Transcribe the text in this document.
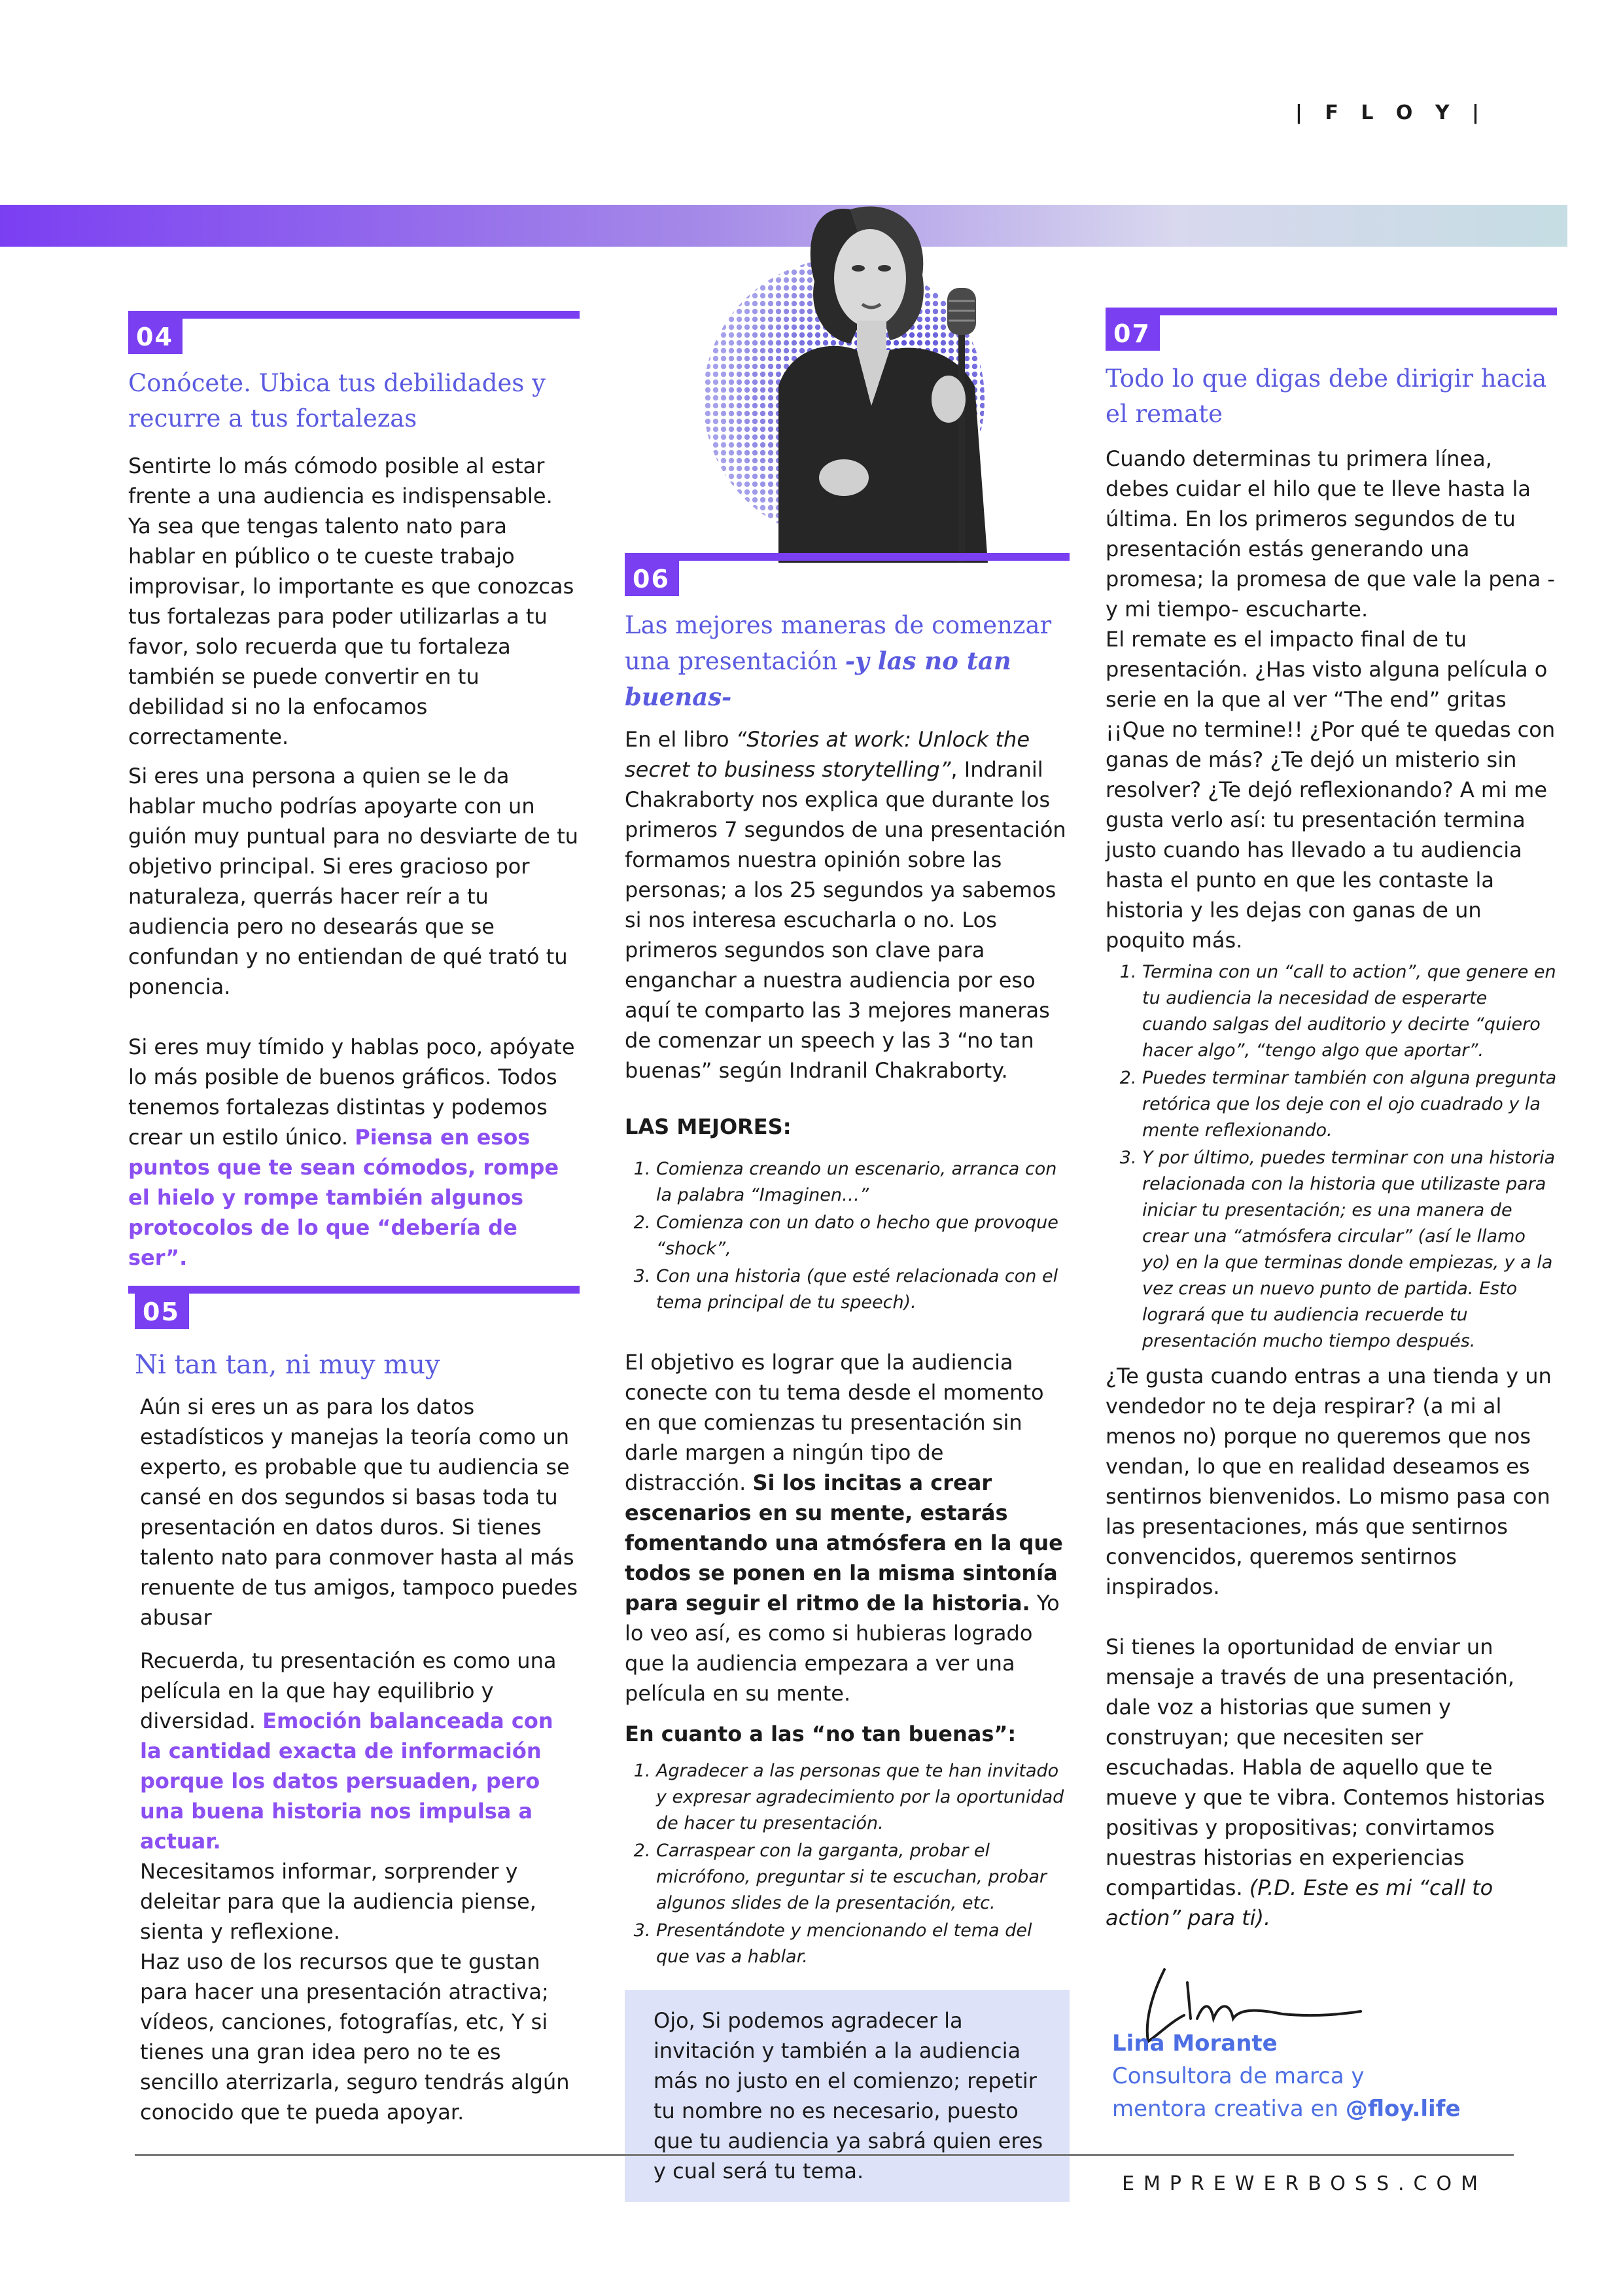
| F L O Y |
04
Conócete. Ubica tus debilidades y recurre a tus fortalezas

Sentirte lo más cómodo posible al estar frente a una audiencia es indispensable. Ya sea que tengas talento nato para hablar en público o te cueste trabajo improvisar, lo importante es que conozcas tus fortalezas para poder utilizarlas a tu favor, solo recuerda que tu fortaleza también se puede convertir en tu debilidad si no la enfocamos correctamente.

Si eres una persona a quien se le da hablar mucho podrías apoyarte con un guión muy puntual para no desviarte de tu objetivo principal. Si eres gracioso por naturaleza, querrás hacer reír a tu audiencia pero no desearás que se confundan y no entiendan de qué trató tu ponencia.

Si eres muy tímido y hablas poco, apóyate lo más posible de buenos gráficos. Todos tenemos fortalezas distintas y podemos crear un estilo único. Piensa en esos puntos que te sean cómodos, rompe el hielo y rompe también algunos protocolos de lo que “debería de ser”.

05
Ni tan tan, ni muy muy

Aún si eres un as para los datos estadísticos y manejas la teoría como un experto, es probable que tu audiencia se cansé en dos segundos si basas toda tu presentación en datos duros. Si tienes talento nato para conmover hasta al más renuente de tus amigos, tampoco puedes abusar

Recuerda, tu presentación es como una película en la que hay equilibrio y diversidad. Emoción balanceada con la cantidad exacta de información porque los datos persuaden, pero una buena historia nos impulsa a actuar.
Necesitamos informar, sorprender y deleitar para que la audiencia piense, sienta y reflexione.

Haz uso de los recursos que te gustan para hacer una presentación atractiva; vídeos, canciones, fotografías, etc, Y si tienes una gran idea pero no te es sencillo aterrizarla, seguro tendrás algún conocido que te pueda apoyar.

06
Las mejores maneras de comenzar una presentación -y las no tan buenas-

En el libro “Stories at work: Unlock the secret to business storytelling”, Indranil Chakraborty nos explica que durante los primeros 7 segundos de una presentación formamos nuestra opinión sobre las personas; a los 25 segundos ya sabemos si nos interesa escucharla o no. Los primeros segundos son clave para enganchar a nuestra audiencia por eso aquí te comparto las 3 mejores maneras de comenzar un speech y las 3 “no tan buenas” según Indranil Chakraborty.

LAS MEJORES:
1. Comienza creando un escenario, arranca con la palabra “Imaginen…”
2. Comienza con un dato o hecho que provoque “shock”,
3. Con una historia (que esté relacionada con el tema principal de tu speech).

El objetivo es lograr que la audiencia conecte con tu tema desde el momento en que comienzas tu presentación sin darle margen a ningún tipo de distracción. Si los incitas a crear escenarios en su mente, estarás fomentando una atmósfera en la que todos se ponen en la misma sintonía para seguir el ritmo de la historia. Yo lo veo así, es como si hubieras logrado que la audiencia empezara a ver una película en su mente.

En cuanto a las “no tan buenas”:
1. Agradecer a las personas que te han invitado y expresar agradecimiento por la oportunidad de hacer tu presentación.
2. Carraspear con la garganta, probar el micrófono, preguntar si te escuchan, probar algunos slides de la presentación, etc.
3. Presentándote y mencionando el tema del que vas a hablar.

Ojo, Si podemos agradecer la invitación y también a la audiencia más no justo en el comienzo; repetir tu nombre no es necesario, puesto que tu audiencia ya sabrá quien eres y cual será tu tema.

07
Todo lo que digas debe dirigir hacia el remate

Cuando determinas tu primera línea, debes cuidar el hilo que te lleve hasta la última. En los primeros segundos de tu presentación estás generando una promesa; la promesa de que vale la pena -y mi tiempo- escucharte.

El remate es el impacto final de tu presentación. ¿Has visto alguna película o serie en la que al ver “The end” gritas ¡¡Que no termine!! ¿Por qué te quedas con ganas de más? ¿Te dejó un misterio sin resolver? ¿Te dejó reflexionando? A mi me gusta verlo así: tu presentación termina justo cuando has llevado a tu audiencia hasta el punto en que les contaste la historia y les dejas con ganas de un poquito más.

1. Termina con un “call to action”, que genere en tu audiencia la necesidad de esperarte cuando salgas del auditorio y decirte “quiero hacer algo”, “tengo algo que aportar”.
2. Puedes terminar también con alguna pregunta retórica que los deje con el ojo cuadrado y la mente reflexionando.
3. Y por último, puedes terminar con una historia relacionada con la historia que utilizaste para iniciar tu presentación; es una manera de crear una “atmósfera circular” (así le llamo yo) en la que terminas donde empiezas, y a la vez creas un nuevo punto de partida. Esto logrará que tu audiencia recuerde tu presentación mucho tiempo después.

¿Te gusta cuando entras a una tienda y un vendedor no te deja respirar? (a mi al menos no) porque no queremos que nos vendan, lo que en realidad deseamos es sentirnos bienvenidos. Lo mismo pasa con las presentaciones, más que sentirnos convencidos, queremos sentirnos inspirados.

Si tienes la oportunidad de enviar un mensaje a través de una presentación, dale voz a historias que sumen y construyan; que necesiten ser escuchadas. Habla de aquello que te mueve y que te vibra. Contemos historias positivas y propositivas; convirtamos nuestras historias en experiencias compartidas. (P.D. Este es mi “call to action” para ti).

Lina Morante
Consultora de marca y
mentora creativa en @floy.life
EMPREWERBOSS.COM
